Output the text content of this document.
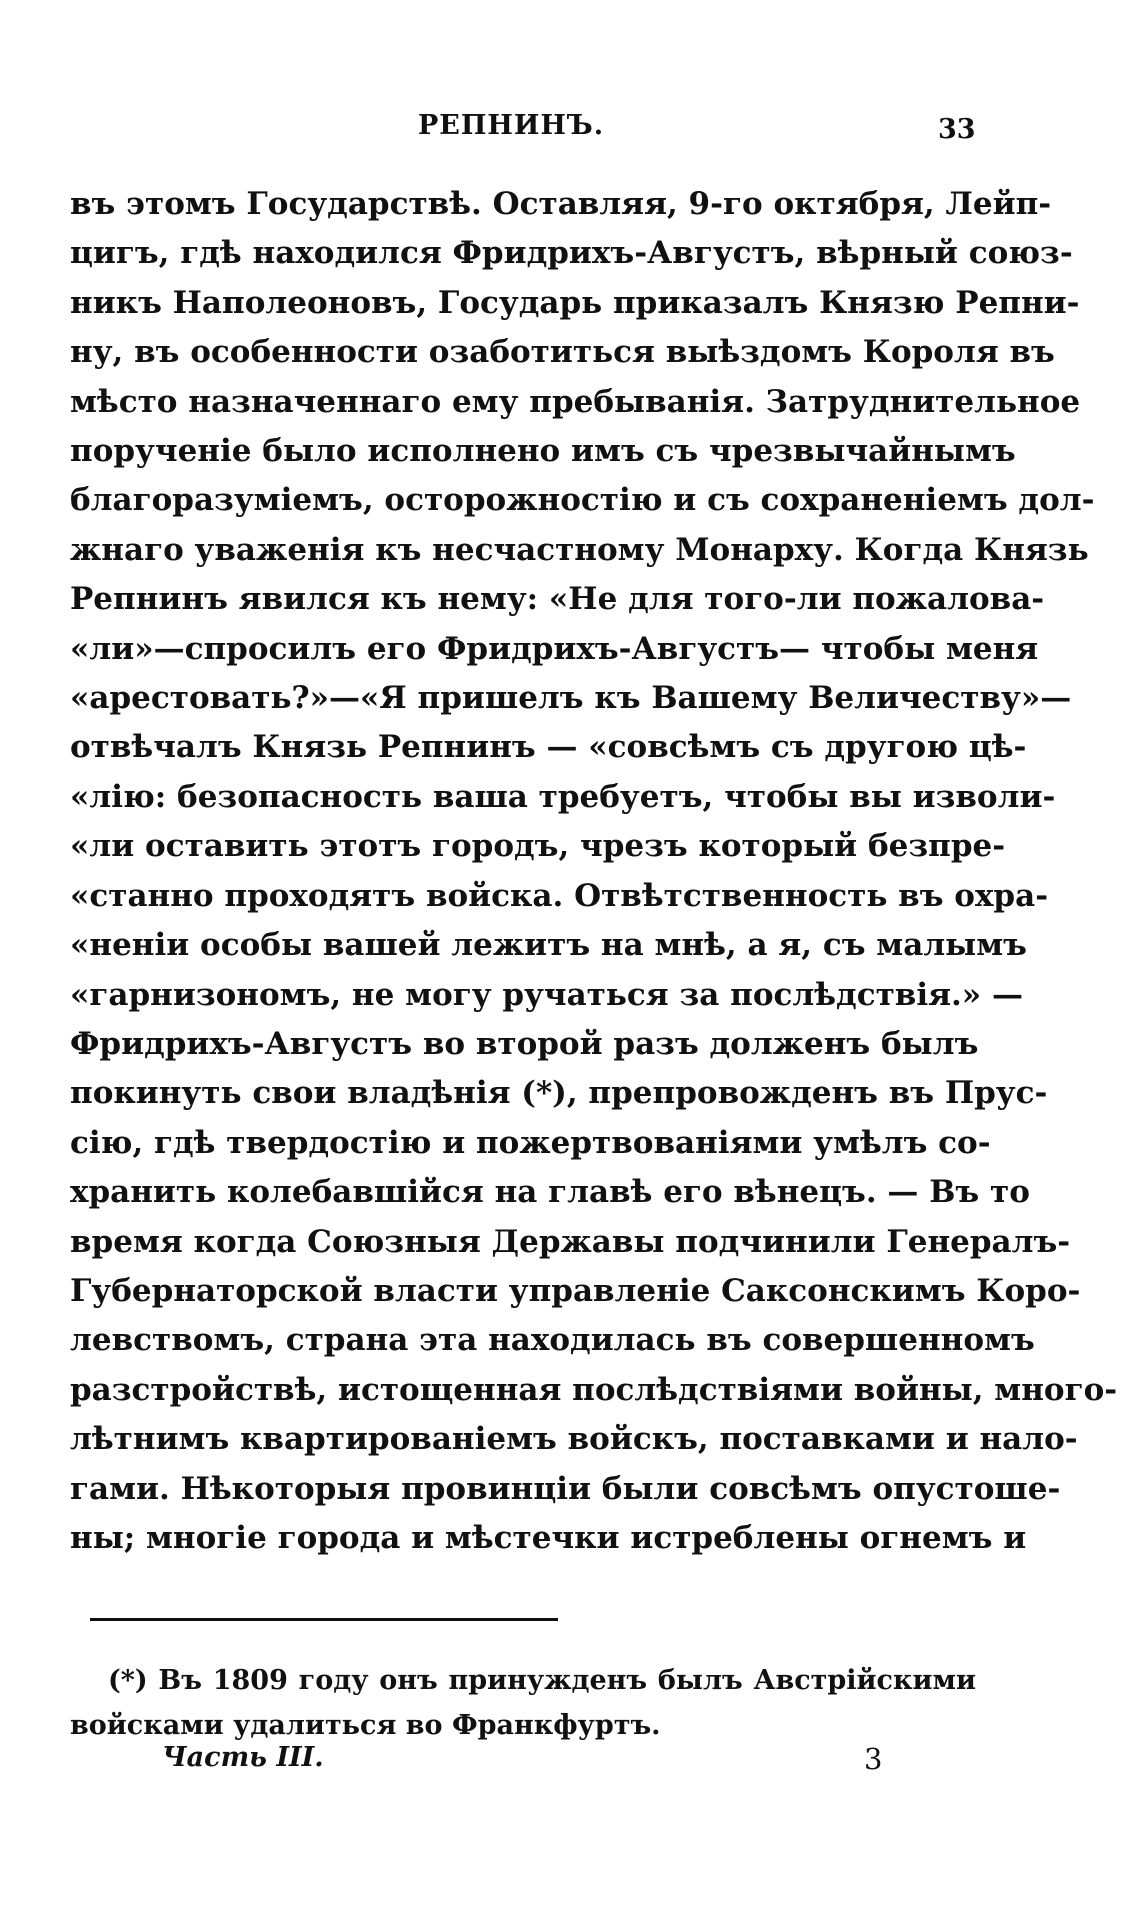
РЕПНИНЪ.	33
въ этомъ Государствѣ. Оставляя, 9-го октября, Лейп-
цигъ, гдѣ находился Фридрихъ-Августъ, вѣрный союз-
никъ Наполеоновъ, Государь приказалъ Князю Репни-
ну, въ особенности озаботиться выѣздомъ Короля въ
мѣсто назначеннаго ему пребыванія. Затруднительное
порученіе было исполнено имъ съ чрезвычайнымъ
благоразуміемъ, осторожностію и съ сохраненіемъ дол-
жнаго уваженія къ несчастному Монарху. Когда Князь
Репнинъ явился къ нему: «Не для того-ли пожалова-
«ли»—спросилъ его Фридрихъ-Августъ— чтобы меня
«арестовать?»—«Я пришелъ къ Вашему Величеству»—
отвѣчалъ Князь Репнинъ — «совсѣмъ съ другою цѣ-
«лію: безопасность ваша требуетъ, чтобы вы изволи-
«ли оставить этотъ городъ, чрезъ который безпре-
«станно проходятъ войска. Отвѣтственность въ охра-
«неніи особы вашей лежитъ на мнѣ, а я, съ малымъ
«гарнизономъ, не могу ручаться за послѣдствія.» —
Фридрихъ-Августъ во второй разъ долженъ былъ
покинуть свои владѣнія (*), препровожденъ въ Прус-
сію, гдѣ твердостію и пожертвованіями умѣлъ со-
хранить колебавшійся на главѣ его вѣнецъ. — Въ то
время когда Союзныя Державы подчинили Генералъ-
Губернаторской власти управленіе Саксонскимъ Коро-
левствомъ, страна эта находилась въ совершенномъ
разстройствѣ, истощенная послѣдствіями войны, много-
лѣтнимъ квартированіемъ войскъ, поставками и нало-
гами. Нѣкоторыя провинціи были совсѣмъ опустоше-
ны; многіе города и мѣстечки истреблены огнемъ и
(*) Въ 1809 году онъ принужденъ былъ Австрійскими
войсками удалиться во Франкфуртъ.
Часть III.	3
